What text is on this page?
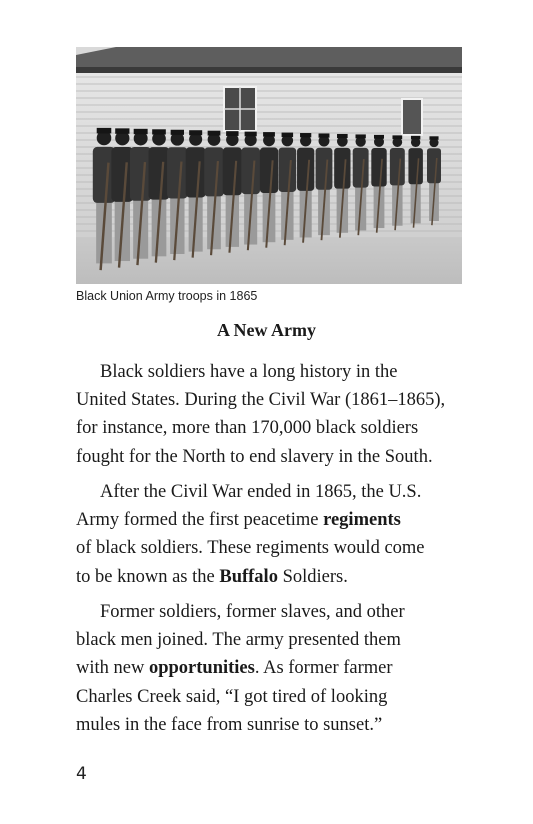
Black Union Army troops in 1865
A New Army
Black soldiers have a long history in the
United States. During the Civil War (1861–1865),
for instance, more than 170,000 black soldiers
fought for the North to end slavery in the South.
After the Civil War ended in 1865, the U.S.
Army formed the first peacetime regiments
of black soldiers. These regiments would come
to be known as the Buffalo Soldiers.
Former soldiers, former slaves, and other
black men joined. The army presented them
with new opportunities. As former farmer
Charles Creek said, “I got tired of looking
mules in the face from sunrise to sunset.”
4
